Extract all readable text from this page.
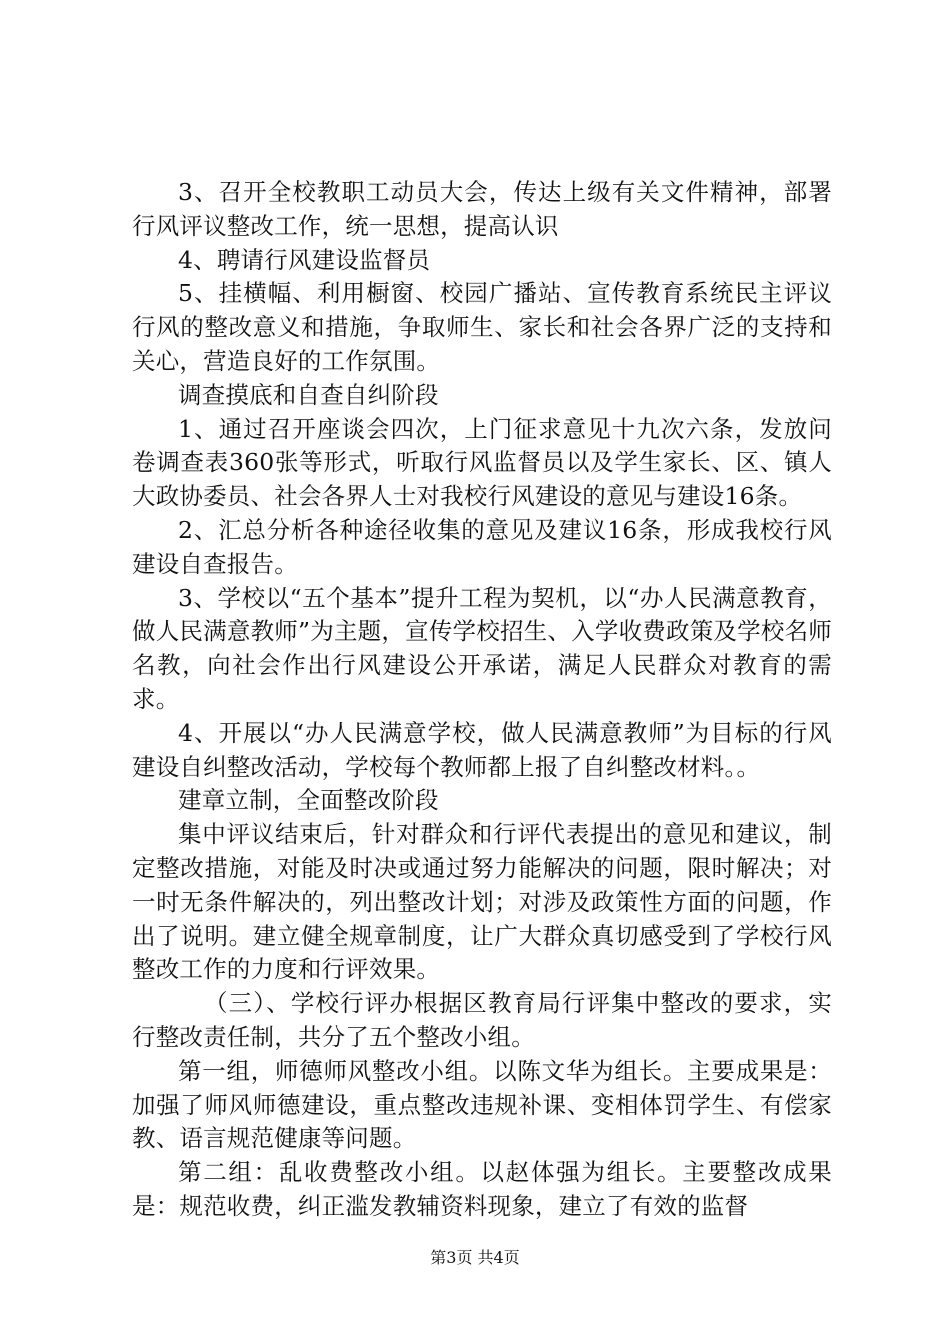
3、召开全校教职工动员大会，传达上级有关文件精神，部署行风评议整改工作，统一思想，提高认识

4、聘请行风建设监督员

5、挂横幅、利用橱窗、校园广播站、宣传教育系统民主评议行风的整改意义和措施，争取师生、家长和社会各界广泛的支持和关心，营造良好的工作氛围。

调查摸底和自查自纠阶段

1、通过召开座谈会四次，上门征求意见十九次六条，发放问卷调查表360张等形式，听取行风监督员以及学生家长、区、镇人大政协委员、社会各界人士对我校行风建设的意见与建设16条。

2、汇总分析各种途径收集的意见及建议16条，形成我校行风建设自查报告。

3、学校以“五个基本”提升工程为契机，以“办人民满意教育，做人民满意教师”为主题，宣传学校招生、入学收费政策及学校名师名教，向社会作出行风建设公开承诺，满足人民群众对教育的需求。

4、开展以“办人民满意学校，做人民满意教师”为目标的行风建设自纠整改活动，学校每个教师都上报了自纠整改材料。。

建章立制，全面整改阶段

集中评议结束后，针对群众和行评代表提出的意见和建议，制定整改措施，对能及时决或通过努力能解决的问题，限时解决；对一时无条件解决的，列出整改计划；对涉及政策性方面的问题，作出了说明。建立健全规章制度，让广大群众真切感受到了学校行风整改工作的力度和行评效果。

（三）、学校行评办根据区教育局行评集中整改的要求，实行整改责任制，共分了五个整改小组。

第一组，师德师风整改小组。以陈文华为组长。主要成果是：加强了师风师德建设，重点整改违规补课、变相体罚学生、有偿家教、语言规范健康等问题。

第二组：乱收费整改小组。以赵体强为组长。主要整改成果是：规范收费，纠正滥发教辅资料现象，建立了有效的监督

第3页 共4页
